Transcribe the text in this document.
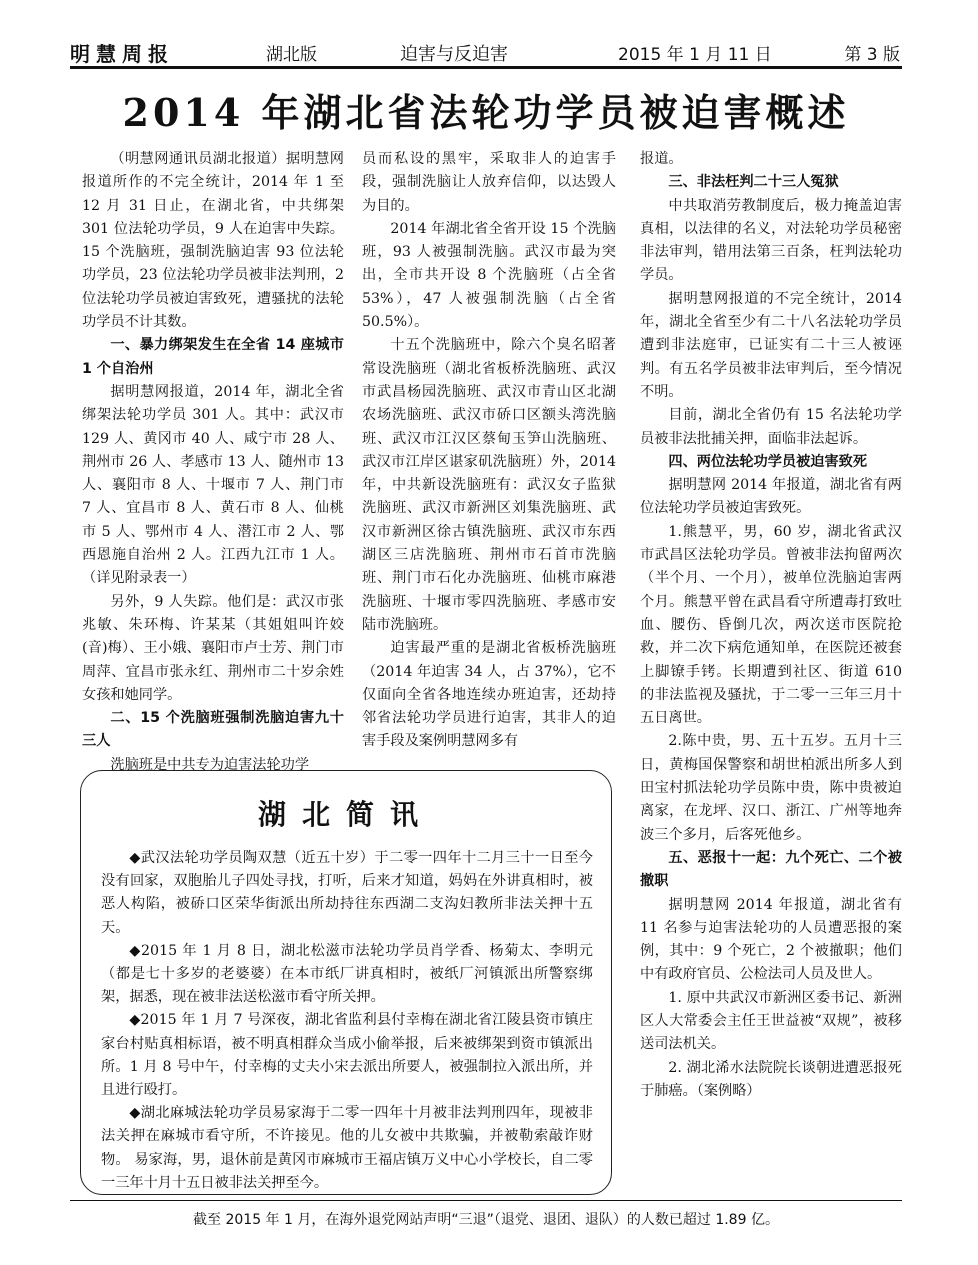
明慧周报	湖北版	迫害与反迫害	2015 年 1 月 11 日	第 3 版
2014 年湖北省法轮功学员被迫害概述

（明慧网通讯员湖北报道）据明慧网报道所作的不完全统计，2014 年 1 至 12 月 31 日止，在湖北省，中共绑架 301 位法轮功学员，9 人在迫害中失踪。15 个洗脑班，强制洗脑迫害 93 位法轮功学员，23 位法轮功学员被非法判刑，2 位法轮功学员被迫害致死，遭骚扰的法轮功学员不计其数。

一、暴力绑架发生在全省 14 座城市 1 个自治州

据明慧网报道，2014 年，湖北全省绑架法轮功学员 301 人。其中：武汉市 129 人、黄冈市 40 人、咸宁市 28 人、荆州市 26 人、孝感市 13 人、随州市 13 人、襄阳市 8 人、十堰市 7 人、荆门市 7 人、宜昌市 8 人、黄石市 8 人、仙桃市 5 人、鄂州市 4 人、潜江市 2 人、鄂西恩施自治州 2 人。江西九江市 1 人。（详见附录表一）

另外，9 人失踪。他们是：武汉市张兆敏、朱环梅、许某某（其姐姐叫许姣(音)梅）、王小娥、襄阳市卢士芳、荆门市周萍、宜昌市张永红、荆州市二十岁余姓女孩和她同学。

二、15 个洗脑班强制洗脑迫害九十三人

洗脑班是中共专为迫害法轮功学

员而私设的黑牢，采取非人的迫害手段，强制洗脑让人放弃信仰，以达毁人为目的。

2014 年湖北省全省开设 15 个洗脑班，93 人被强制洗脑。武汉市最为突出，全市共开设 8 个洗脑班（占全省 53%），47 人被强制洗脑（占全省 50.5%）。

十五个洗脑班中，除六个臭名昭著常设洗脑班（湖北省板桥洗脑班、武汉市武昌杨园洗脑班、武汉市青山区北湖农场洗脑班、武汉市硚口区额头湾洗脑班、武汉市江汉区蔡甸玉笋山洗脑班、武汉市江岸区谌家矶洗脑班）外，2014 年，中共新设洗脑班有：武汉女子监狱洗脑班、武汉市新洲区刘集洗脑班、武汉市新洲区徐古镇洗脑班、武汉市东西湖区三店洗脑班、荆州市石首市洗脑班、荆门市石化办洗脑班、仙桃市麻港洗脑班、十堰市零四洗脑班、孝感市安陆市洗脑班。

迫害最严重的是湖北省板桥洗脑班（2014 年迫害 34 人，占 37%），它不仅面向全省各地连续办班迫害，还劫持邻省法轮功学员进行迫害，其非人的迫害手段及案例明慧网多有

报道。

三、非法枉判二十三人冤狱

中共取消劳教制度后，极力掩盖迫害真相，以法律的名义，对法轮功学员秘密非法审判，错用法第三百条，枉判法轮功学员。

据明慧网报道的不完全统计，2014 年，湖北全省至少有二十八名法轮功学员遭到非法庭审，已证实有二十三人被诬判。有五名学员被非法审判后，至今情况不明。

目前，湖北全省仍有 15 名法轮功学员被非法批捕关押，面临非法起诉。

四、两位法轮功学员被迫害致死

据明慧网 2014 年报道，湖北省有两位法轮功学员被迫害致死。

1.熊慧平，男，60 岁，湖北省武汉市武昌区法轮功学员。曾被非法拘留两次（半个月、一个月），被单位洗脑迫害两个月。熊慧平曾在武昌看守所遭毒打致吐血、腰伤、昏倒几次，两次送市医院抢救，并二次下病危通知单，在医院还被套上脚镣手铐。长期遭到社区、街道 610 的非法监视及骚扰，于二零一三年三月十五日离世。

2.陈中贵，男、五十五岁。五月十三日，黄梅国保警察和胡世柏派出所多人到田宝村抓法轮功学员陈中贵，陈中贵被迫离家，在龙坪、汉口、浙江、广州等地奔波三个多月，后客死他乡。

五、恶报十一起：九个死亡、二个被撤职

据明慧网 2014 年报道，湖北省有 11 名参与迫害法轮功的人员遭恶报的案例，其中：9 个死亡，2 个被撤职；他们中有政府官员、公检法司人员及世人。

1. 原中共武汉市新洲区委书记、新洲区人大常委会主任王世益被“双规”，被移送司法机关。

2. 湖北浠水法院院长谈朝进遭恶报死于肺癌。（案例略）

湖北简讯

◆武汉法轮功学员陶双慧（近五十岁）于二零一四年十二月三十一日至今没有回家，双胞胎儿子四处寻找，打听，后来才知道，妈妈在外讲真相时，被恶人构陷，被硚口区荣华街派出所劫持往东西湖二支沟妇教所非法关押十五天。

◆2015 年 1 月 8 日，湖北松滋市法轮功学员肖学香、杨菊太、李明元（都是七十多岁的老婆婆）在本市纸厂讲真相时，被纸厂河镇派出所警察绑架，据悉，现在被非法送松滋市看守所关押。

◆2015 年 1 月 7 号深夜，湖北省监利县付幸梅在湖北省江陵县资市镇庄家台村贴真相标语，被不明真相群众当成小偷举报，后来被绑架到资市镇派出所。1 月 8 号中午，付幸梅的丈夫小宋去派出所要人，被强制拉入派出所，并且进行殴打。

◆湖北麻城法轮功学员易家海于二零一四年十月被非法判刑四年，现被非法关押在麻城市看守所，不许接见。他的儿女被中共欺骗，并被勒索敲诈财物。 易家海，男，退休前是黄冈市麻城市王福店镇万义中心小学校长，自二零一三年十月十五日被非法关押至今。

截至 2015 年 1 月，在海外退党网站声明“三退”（退党、退团、退队）的人数已超过 1.89 亿。
